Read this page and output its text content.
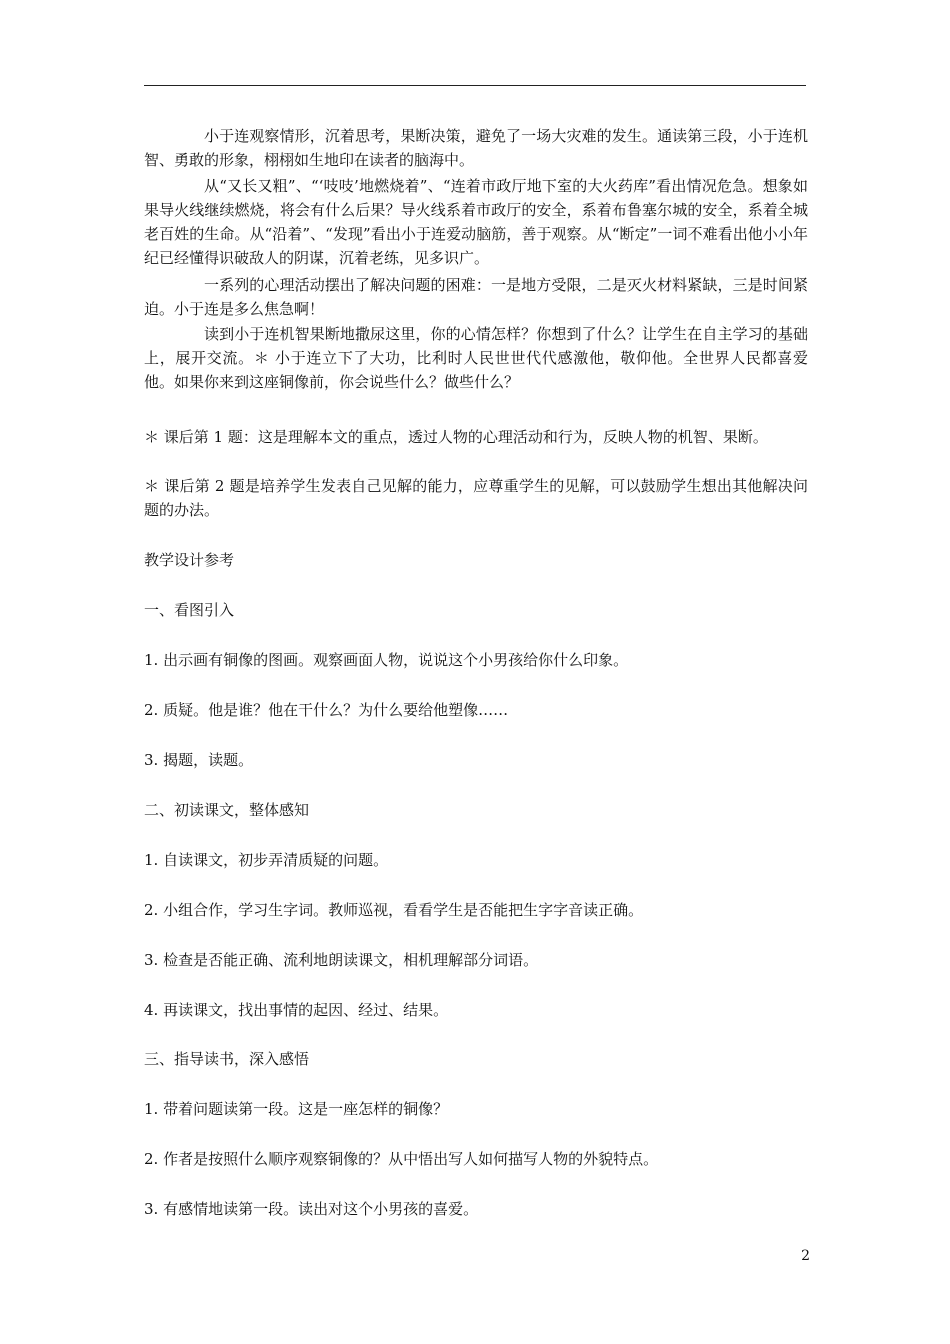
小于连观察情形，沉着思考，果断决策，避免了一场大灾难的发生。通读第三段，小于连机智、勇敢的形象，栩栩如生地印在读者的脑海中。

从“又长又粗”、“‘吱吱’地燃烧着”、“连着市政厅地下室的大火药库”看出情况危急。想象如果导火线继续燃烧，将会有什么后果？导火线系着市政厅的安全，系着布鲁塞尔城的安全，系着全城老百姓的生命。从“沿着”、“发现”看出小于连爱动脑筋，善于观察。从“断定”一词不难看出他小小年纪已经懂得识破敌人的阴谋，沉着老练，见多识广。

一系列的心理活动摆出了解决问题的困难：一是地方受限，二是灭火材料紧缺，三是时间紧迫。小于连是多么焦急啊！

读到小于连机智果断地撒尿这里，你的心情怎样？你想到了什么？让学生在自主学习的基础上，展开交流。＊ 小于连立下了大功，比利时人民世世代代感激他，敬仰他。全世界人民都喜爱他。如果你来到这座铜像前，你会说些什么？做些什么？

＊ 课后第 1 题：这是理解本文的重点，透过人物的心理活动和行为，反映人物的机智、果断。

＊ 课后第 2 题是培养学生发表自己见解的能力，应尊重学生的见解，可以鼓励学生想出其他解决问题的办法。

教学设计参考

一、看图引入

1. 出示画有铜像的图画。观察画面人物，说说这个小男孩给你什么印象。

2. 质疑。他是谁？他在干什么？为什么要给他塑像……

3. 揭题，读题。

二、初读课文，整体感知

1. 自读课文，初步弄清质疑的问题。

2. 小组合作，学习生字词。教师巡视，看看学生是否能把生字字音读正确。

3. 检查是否能正确、流利地朗读课文，相机理解部分词语。

4. 再读课文，找出事情的起因、经过、结果。

三、指导读书，深入感悟

1. 带着问题读第一段。这是一座怎样的铜像？

2. 作者是按照什么顺序观察铜像的？从中悟出写人如何描写人物的外貌特点。

3. 有感情地读第一段。读出对这个小男孩的喜爱。

2
